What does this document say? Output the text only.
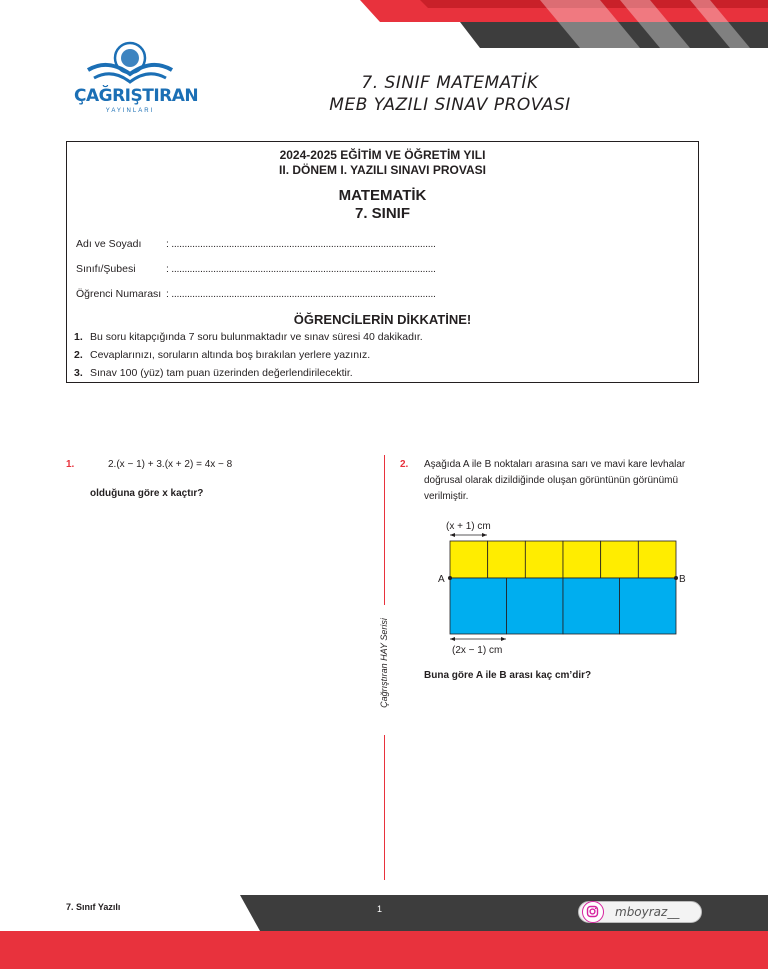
ÇAĞRIŞTIRAN
YAYINLARI
7. SINIF MATEMATİK
MEB YAZILI SINAV PROVASI
2024-2025 EĞİTİM VE ÖĞRETİM YILI
II. DÖNEM I. YAZILI SINAVI PROVASI
MATEMATİK
7. SINIF
Adı ve Soyadı : .....................................................................................................
Sınıfı/Şubesi	: .....................................................................................................
Öğrenci Numarası : .....................................................................................................
ÖĞRENCİLERİN DİKKATİNE!
1. Bu soru kitapçığında 7 soru bulunmaktadır ve sınav süresi 40 dakikadır.
2. Cevaplarınızı, soruların altında boş bırakılan yerlere yazınız.
3. Sınav 100 (yüz) tam puan üzerinden değerlendirilecektir.
1.	2.(x − 1) + 3.(x + 2) = 4x − 8
olduğuna göre x kaçtır?
Çağrıştıran HAY Serisi
2. Aşağıda A ile B noktaları arasına sarı ve mavi kare levhalar
doğrusal olarak dizildiğinde oluşan görüntünün görünümü
verilmiştir.
(x + 1) cm
A	B
(2x − 1) cm
Buna göre A ile B arası kaç cm’dir?
7. Sınıf Yazılı	1	mboyraz__
